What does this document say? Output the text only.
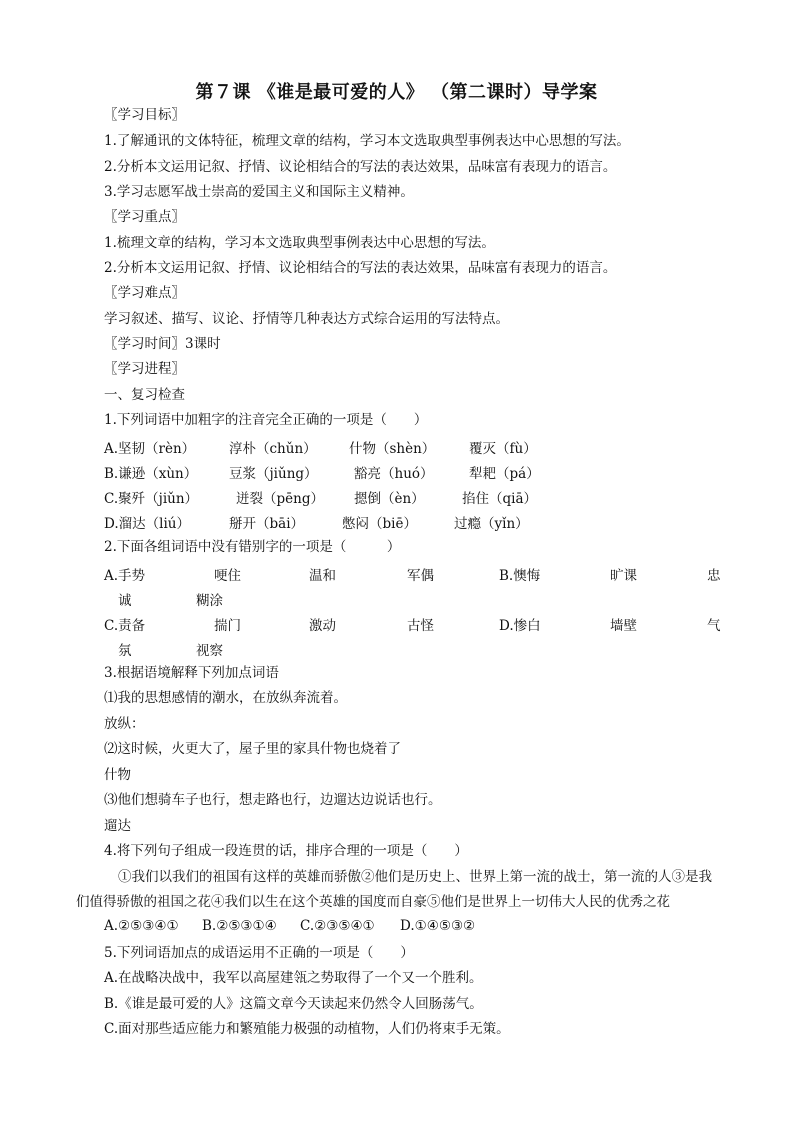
第７课 《谁是最可爱的人》 （第二课时）导学案
〖学习目标〗
1.了解通讯的文体特征，梳理文章的结构，学习本文选取典型事例表达中心思想的写法。
2.分析本文运用记叙、抒情、议论相结合的写法的表达效果，品味富有表现力的语言。
3.学习志愿军战士崇高的爱国主义和国际主义精神。
〖学习重点〗
1.梳理文章的结构，学习本文选取典型事例表达中心思想的写法。
2.分析本文运用记叙、抒情、议论相结合的写法的表达效果，品味富有表现力的语言。
〖学习难点〗
学习叙述、描写、议论、抒情等几种表达方式综合运用的写法特点。
〖学习时间〗3课时
〖学习进程〗
一、复习检查
1.下列词语中加粗字的注音完全正确的一项是（　　）
A.坚韧（rèn）	淳朴（chǔn） 什物（shèn） 覆灭（fù）
B.谦逊（xùn） 豆浆（jiǔng）	豁亮（huó）	犁耙（pá）
C.聚歼（jiǔn）	迸裂（pēng） 摁倒（èn）	掐住（qiā）
D.溜达（liú）	掰开（bāi）	憋闷（biē）	过瘾（yǐn）
2.下面各组词语中没有错别字的一项是（　　　）
A.手势	哽住	温和	军偶	B.懊悔	旷课	忠
诚	糊涂
C.责备	揣门	激动	古怪	D.惨白	墙壁	气
氛	视察
3.根据语境解释下列加点词语
⑴我的思想感情的潮水，在放纵奔流着。
放纵：
⑵这时候，火更大了，屋子里的家具什物也烧着了
什物
⑶他们想骑车子也行，想走路也行，边遛达边说话也行。
遛达
4.将下列句子组成一段连贯的话，排序合理的一项是（　　）
①我们以我们的祖国有这样的英雄而骄傲②他们是历史上、世界上第一流的战士，第一流的人③是我
们值得骄傲的祖国之花④我们以生在这个英雄的国度而自豪⑤他们是世界上一切伟大人民的优秀之花
A.②⑤③④① B.②⑤③①④ C.②③⑤④① D.①④⑤③②
5.下列词语加点的成语运用不正确的一项是（　　）
A.在战略决战中，我军以高屋建瓴之势取得了一个又一个胜利。
B.《谁是最可爱的人》这篇文章今天读起来仍然令人回肠荡气。
C.面对那些适应能力和繁殖能力极强的动植物，人们仍将束手无策。
